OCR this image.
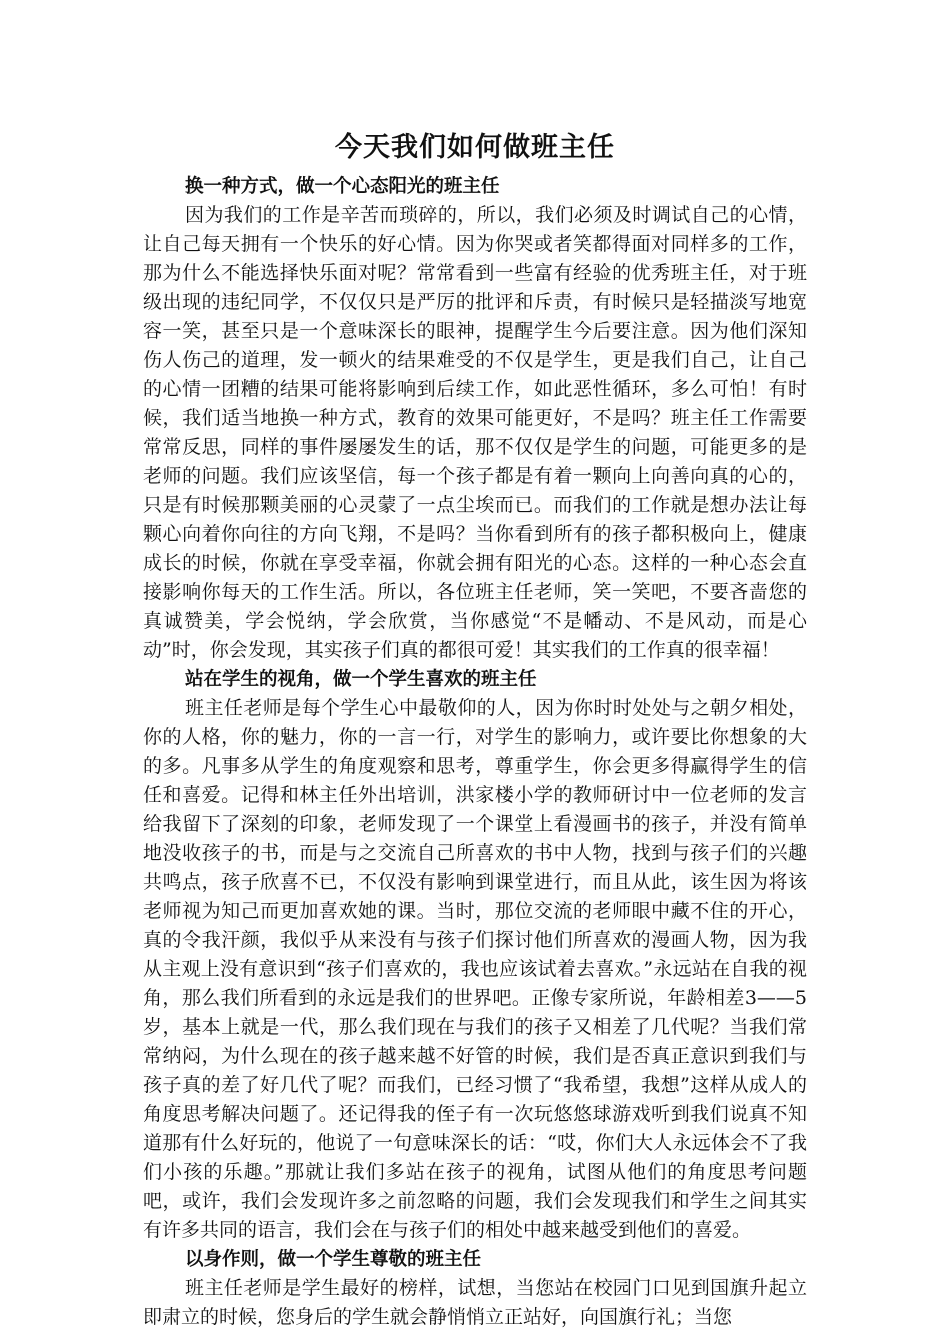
今天我们如何做班主任

换一种方式，做一个心态阳光的班主任

因为我们的工作是辛苦而琐碎的，所以，我们必须及时调试自己的心情，让自己每天拥有一个快乐的好心情。因为你哭或者笑都得面对同样多的工作，那为什么不能选择快乐面对呢？常常看到一些富有经验的优秀班主任，对于班级出现的违纪同学，不仅仅只是严厉的批评和斥责，有时候只是轻描淡写地宽容一笑，甚至只是一个意味深长的眼神，提醒学生今后要注意。因为他们深知伤人伤己的道理，发一顿火的结果难受的不仅是学生，更是我们自己，让自己的心情一团糟的结果可能将影响到后续工作，如此恶性循环，多么可怕！有时候，我们适当地换一种方式，教育的效果可能更好，不是吗？班主任工作需要常常反思，同样的事件屡屡发生的话，那不仅仅是学生的问题，可能更多的是老师的问题。我们应该坚信，每一个孩子都是有着一颗向上向善向真的心的，只是有时候那颗美丽的心灵蒙了一点尘埃而已。而我们的工作就是想办法让每颗心向着你向往的方向飞翔，不是吗？当你看到所有的孩子都积极向上，健康成长的时候，你就在享受幸福，你就会拥有阳光的心态。这样的一种心态会直接影响你每天的工作生活。所以，各位班主任老师，笑一笑吧，不要吝啬您的真诚赞美，学会悦纳，学会欣赏，当你感觉“不是幡动、不是风动，而是心动”时，你会发现，其实孩子们真的都很可爱！其实我们的工作真的很幸福！

站在学生的视角，做一个学生喜欢的班主任

班主任老师是每个学生心中最敬仰的人，因为你时时处处与之朝夕相处，你的人格，你的魅力，你的一言一行，对学生的影响力，或许要比你想象的大的多。凡事多从学生的角度观察和思考，尊重学生，你会更多得赢得学生的信任和喜爱。记得和林主任外出培训，洪家楼小学的教师研讨中一位老师的发言给我留下了深刻的印象，老师发现了一个课堂上看漫画书的孩子，并没有简单地没收孩子的书，而是与之交流自己所喜欢的书中人物，找到与孩子们的兴趣共鸣点，孩子欣喜不已，不仅没有影响到课堂进行，而且从此，该生因为将该老师视为知己而更加喜欢她的课。当时，那位交流的老师眼中藏不住的开心，真的令我汗颜，我似乎从来没有与孩子们探讨他们所喜欢的漫画人物，因为我从主观上没有意识到“孩子们喜欢的，我也应该试着去喜欢。”永远站在自我的视角，那么我们所看到的永远是我们的世界吧。正像专家所说，年龄相差3——5岁，基本上就是一代，那么我们现在与我们的孩子又相差了几代呢？当我们常常纳闷，为什么现在的孩子越来越不好管的时候，我们是否真正意识到我们与孩子真的差了好几代了呢？而我们，已经习惯了“我希望，我想”这样从成人的角度思考解决问题了。还记得我的侄子有一次玩悠悠球游戏听到我们说真不知道那有什么好玩的，他说了一句意味深长的话：“哎，你们大人永远体会不了我们小孩的乐趣。”那就让我们多站在孩子的视角，试图从他们的角度思考问题吧，或许，我们会发现许多之前忽略的问题，我们会发现我们和学生之间其实有许多共同的语言，我们会在与孩子们的相处中越来越受到他们的喜爱。

以身作则，做一个学生尊敬的班主任

班主任老师是学生最好的榜样，试想，当您站在校园门口见到国旗升起立即肃立的时候，您身后的学生就会静悄悄立正站好，向国旗行礼；当您
